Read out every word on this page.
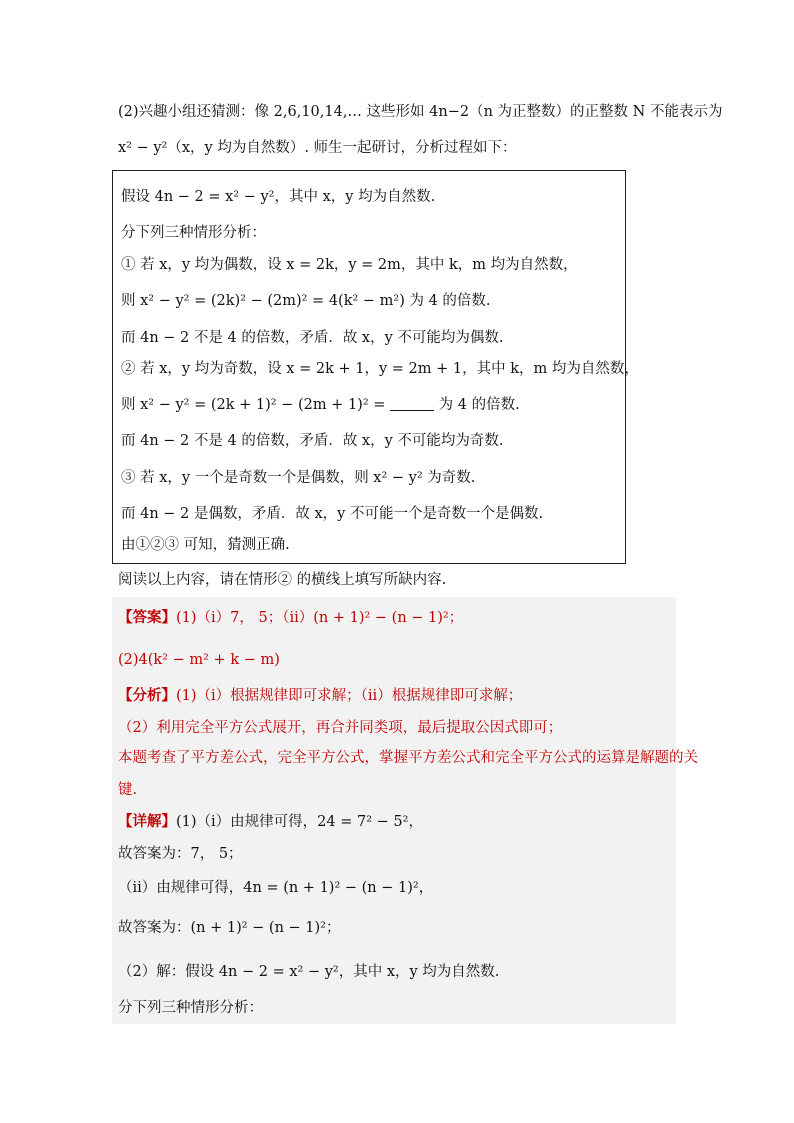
(2)兴趣小组还猜测：像 2,6,10,14,… 这些形如 4n−2（n 为正整数）的正整数 N 不能表示为
x² − y²（x，y 均为自然数）. 师生一起研讨，分析过程如下：
假设 4n − 2 = x² − y²，其中 x，y 均为自然数.
分下列三种情形分析：
① 若 x，y 均为偶数，设 x = 2k，y = 2m，其中 k，m 均为自然数，
则 x² − y² = (2k)² − (2m)² = 4(k² − m²) 为 4 的倍数.
而 4n − 2 不是 4 的倍数，矛盾．故 x，y 不可能均为偶数.
② 若 x，y 均为奇数，设 x = 2k + 1，y = 2m + 1，其中 k，m 均为自然数，
则 x² − y² = (2k + 1)² − (2m + 1)² =	为 4 的倍数.
而 4n − 2 不是 4 的倍数，矛盾．故 x，y 不可能均为奇数.
③ 若 x，y 一个是奇数一个是偶数，则 x² − y² 为奇数.
而 4n − 2 是偶数，矛盾．故 x，y 不可能一个是奇数一个是偶数.
由①②③ 可知，猜测正确.
阅读以上内容，请在情形② 的横线上填写所缺内容.
【答案】(1)（ⅰ）7， 5；（ⅱ）(n + 1)² − (n − 1)²；
(2)4(k² − m² + k − m)
【分析】(1)（ⅰ）根据规律即可求解；（ⅱ）根据规律即可求解；
（2）利用完全平方公式展开，再合并同类项，最后提取公因式即可；
本题考查了平方差公式，完全平方公式，掌握平方差公式和完全平方公式的运算是解题的关
键.
【详解】(1)（ⅰ）由规律可得，24 = 7² − 5²，
故答案为：7， 5；
（ⅱ）由规律可得，4n = (n + 1)² − (n − 1)²，
故答案为：(n + 1)² − (n − 1)²；
（2）解：假设 4n − 2 = x² − y²，其中 x，y 均为自然数.
分下列三种情形分析：
